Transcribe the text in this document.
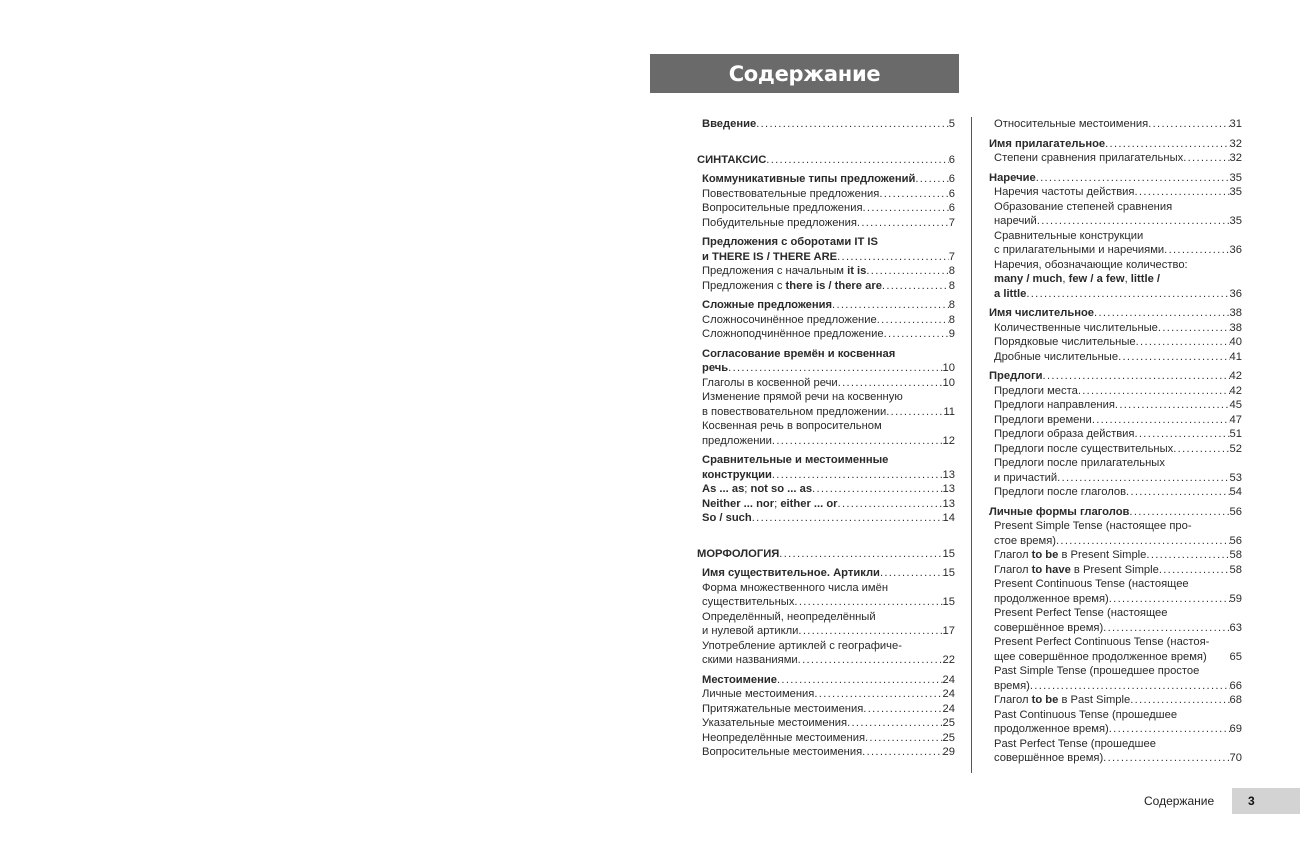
Содержание
Введение . . .	5
СИНТАКСИС . . .	6
Коммуникативные типы предложений . . .	6
Повествовательные предложения . . .	6
Вопросительные предложения . . .	6
Побудительные предложения . . .	7
Предложения с оборотами IT IS
и THERE IS / THERE ARE . . .	7
Предложения с начальным it is . . .	8
Предложения с there is / there are . . .	8
Сложные предложения . . .	8
Сложносочинённое предложение . . .	8
Сложноподчинённое предложение . . .	9
Согласование времён и косвенная
речь . . .	10
Глаголы в косвенной речи . . .	10
Изменение прямой речи на косвенную
в повествовательном предложении . . .	11
Косвенная речь в вопросительном
предложении . . .	12
Сравнительные и местоименные
конструкции . . .	13
As ... as; not so ... as . . .	13
Neither ... nor; either ... or . . .	13
So / such . . .	14
МОРФОЛОГИЯ . . .	15
Имя существительное. Артикли . . .	15
Форма множественного числа имён
существительных . . .	15
Определённый, неопределённый
и нулевой артикли . . .	17
Употребление артиклей с географиче-
скими названиями . . .	22
Местоимение . . .	24
Личные местоимения . . .	24
Притяжательные местоимения . . .	24
Указательные местоимения . . .	25
Неопределённые местоимения . . .	25
Вопросительные местоимения . . .	29
Относительные местоимения . . .	31
Имя прилагательное . . .	32
Степени сравнения прилагательных . . .	32
Наречие . . .	35
Наречия частоты действия . . .	35
Образование степеней сравнения
наречий . . .	35
Сравнительные конструкции
с прилагательными и наречиями . . .	36
Наречия, обозначающие количество:
many / much, few / a few, little /
a little . . .	36
Имя числительное . . .	38
Количественные числительные . . .	38
Порядковые числительные . . .	40
Дробные числительные . . .	41
Предлоги . . .	42
Предлоги места . . .	42
Предлоги направления . . .	45
Предлоги времени . . .	47
Предлоги образа действия . . .	51
Предлоги после существительных . . .	52
Предлоги после прилагательных
и причастий . . .	53
Предлоги после глаголов . . .	54
Личные формы глаголов . . .	56
Present Simple Tense (настоящее про-
стое время) . . .	56
Глагол to be в Present Simple . . .	58
Глагол to have в Present Simple . . .	58
Present Continuous Tense (настоящее
продолженное время) . . .	59
Present Perfect Tense (настоящее
совершённое время) . . .	63
Present Perfect Continuous Tense (настоя-
щее совершённое продолженное время) 65
Past Simple Tense (прошедшее простое
время) . . .	66
Глагол to be в Past Simple . . .	68
Past Continuous Tense (прошедшее
продолженное время) . . .	69
Past Perfect Tense (прошедшее
совершённое время) . . .	70
Содержание	3
